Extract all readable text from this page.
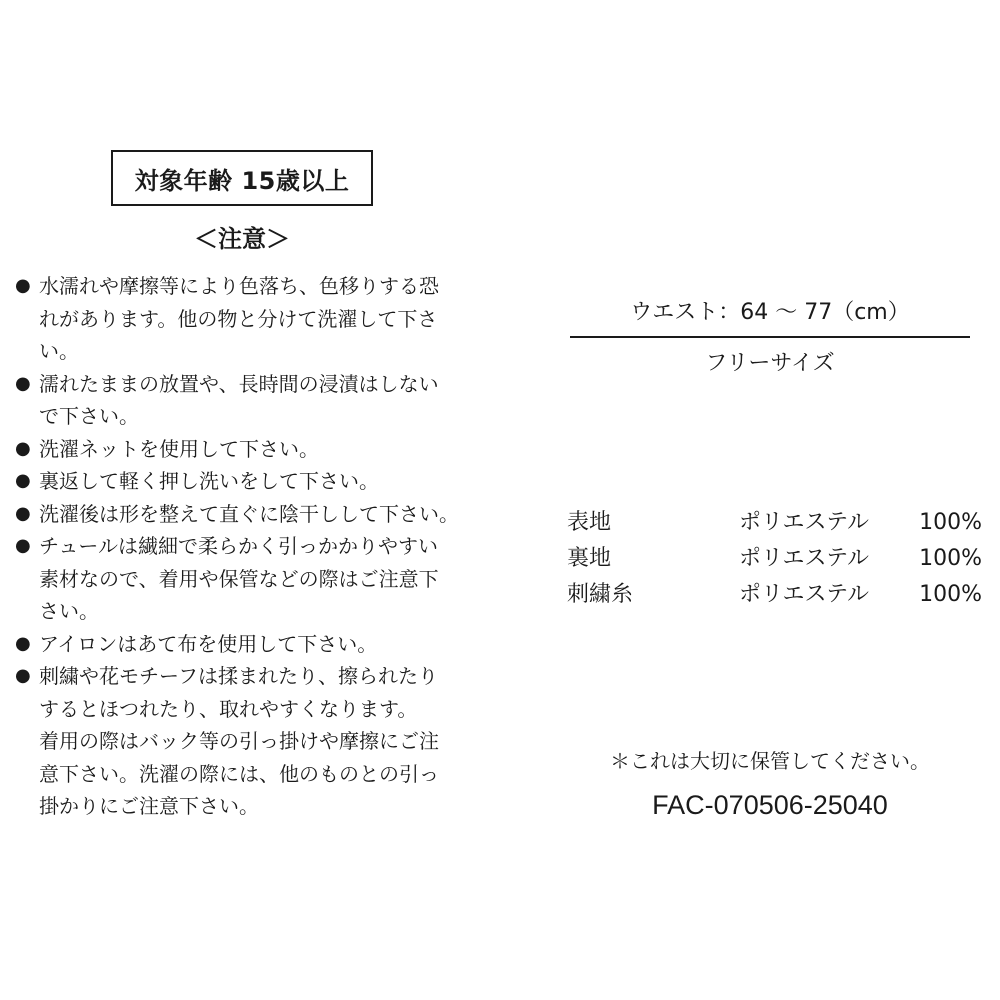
対象年齢 15歳以上
＜注意＞
● 水濡れや摩擦等により色落ち、色移りする恐
れがあります。他の物と分けて洗濯して下さ
い。
● 濡れたままの放置や、長時間の浸漬はしない
で下さい。
● 洗濯ネットを使用して下さい。
● 裏返して軽く押し洗いをして下さい。
● 洗濯後は形を整えて直ぐに陰干しして下さい。
● チュールは繊細で柔らかく引っかかりやすい
素材なので、着用や保管などの際はご注意下
さい。
● アイロンはあて布を使用して下さい。
● 刺繍や花モチーフは揉まれたり、擦られたり
するとほつれたり、取れやすくなります。
着用の際はバック等の引っ掛けや摩擦にご注
意下さい。洗濯の際には、他のものとの引っ
掛かりにご注意下さい。
ウエスト：64 ～ 77（cm）
フリーサイズ
表地	ポリエステル	100%
裏地	ポリエステル	100%
刺繍糸	ポリエステル	100%
＊これは大切に保管してください。
FAC-070506-25040
